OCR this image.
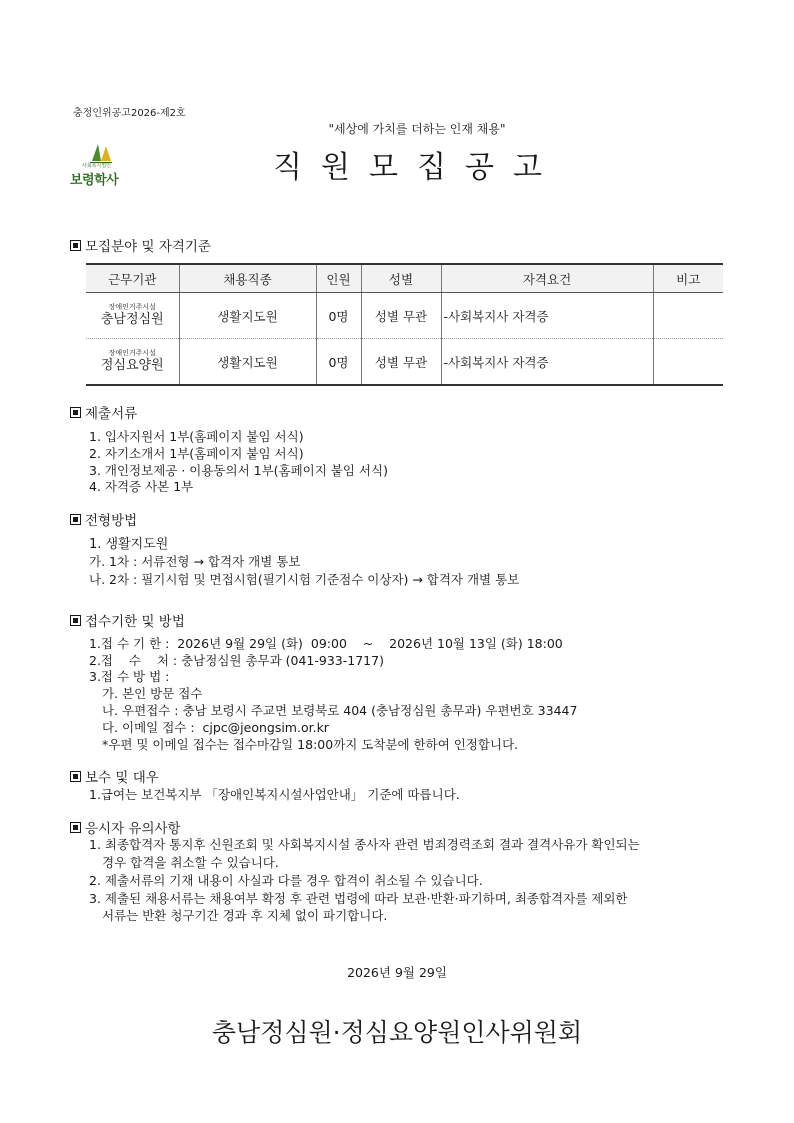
충정인위공고2026-제2호
"세상에 가치를 더하는 인재 채용"
직원모집공고
사회복지법인
보령학사
모집분야 및 자격기준
근무기관	채용직종	인원	성별	자격요건	비고

장애인거주시설
충남정심원	생활지도원	0명	성별 무관	-사회복지사 자격증	

장애인거주시설
정심요양원	생활지도원	0명	성별 무관	-사회복지사 자격증	
제출서류
1. 입사지원서 1부(홈페이지 붙임 서식)
2. 자기소개서 1부(홈페이지 붙임 서식)
3. 개인정보제공 · 이용동의서 1부(홈페이지 붙임 서식)
4. 자격증 사본 1부
전형방법
1. 생활지도원
가. 1차 : 서류전형 → 합격자 개별 통보
나. 2차 : 필기시험 및 면접시험(필기시험 기준점수 이상자) → 합격자 개별 통보
접수기한 및 방법
1.접 수 기 한 :  2026년 9월 29일 (화)  09:00    ~    2026년 10월 13일 (화) 18:00
2.접    수    처 : 충남정심원 총무과 (041-933-1717)
3.접 수 방 법 :
가. 본인 방문 접수
나. 우편접수 : 충남 보령시 주교면 보령북로 404 (충남정심원 총무과) 우편번호 33447
다. 이메일 접수 :  cjpc@jeongsim.or.kr
*우편 및 이메일 접수는 접수마감일 18:00까지 도착분에 한하여 인정합니다.
보수 및 대우
1.급여는 보건복지부 「장애인복지시설사업안내」 기준에 따릅니다.
응시자 유의사항
1. 최종합격자 통지후 신원조회 및 사회복지시설 종사자 관련 범죄경력조회 결과 결격사유가 확인되는
경우 합격을 취소할 수 있습니다.
2. 제출서류의 기재 내용이 사실과 다를 경우 합격이 취소될 수 있습니다.
3. 제출된 채용서류는 채용여부 확정 후 관련 법령에 따라 보관·반환·파기하며, 최종합격자를 제외한
서류는 반환 청구기간 경과 후 지체 없이 파기합니다.
2026년 9월 29일
충남정심원·정심요양원인사위원회
